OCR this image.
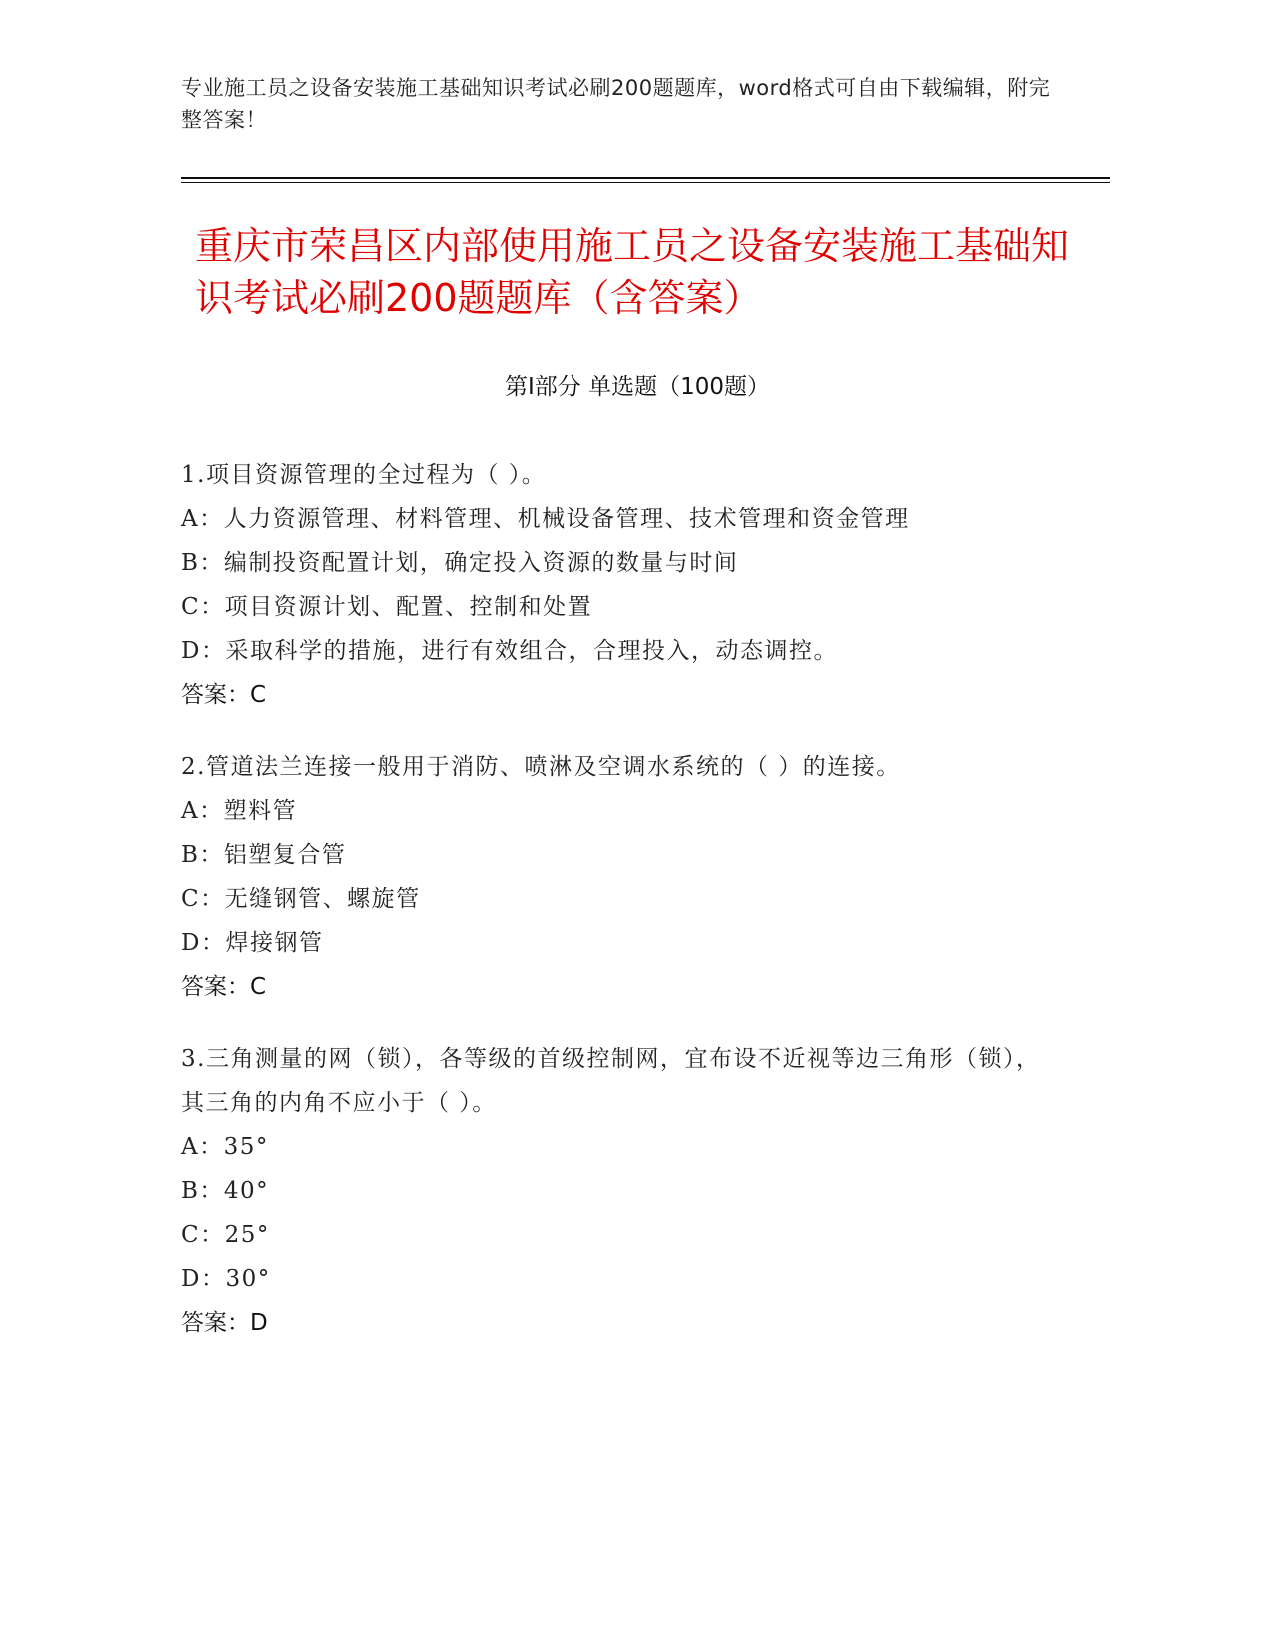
专业施工员之设备安装施工基础知识考试必刷200题题库，word格式可自由下载编辑，附完整答案！
重庆市荣昌区内部使用施工员之设备安装施工基础知识考试必刷200题题库（含答案）
第I部分 单选题（100题）
1.项目资源管理的全过程为（ ）。
A：人力资源管理、材料管理、机械设备管理、技术管理和资金管理
B：编制投资配置计划，确定投入资源的数量与时间
C：项目资源计划、配置、控制和处置
D：采取科学的措施，进行有效组合，合理投入，动态调控。
答案：C
2.管道法兰连接一般用于消防、喷淋及空调水系统的（ ）的连接。
A：塑料管
B：铝塑复合管
C：无缝钢管、螺旋管
D：焊接钢管
答案：C
3.三角测量的网（锁），各等级的首级控制网，宜布设不近视等边三角形（锁），其三角的内角不应小于（ ）。
A：35°
B：40°
C：25°
D：30°
答案：D
